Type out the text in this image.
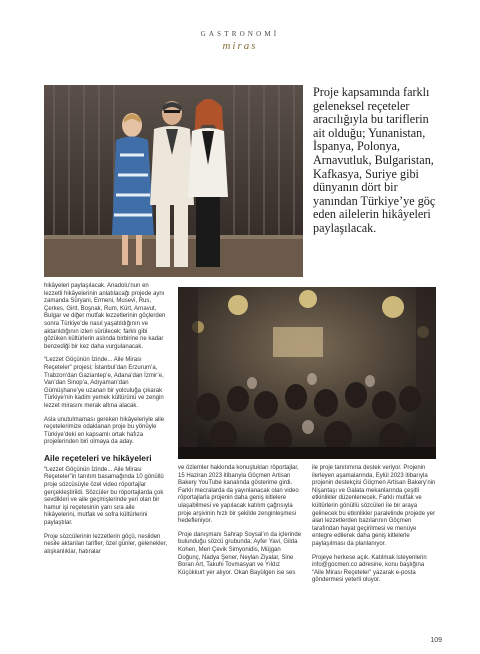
GASTRONOMİ
miras
Proje kapsamında farklı geleneksel reçeteler aracılığıyla bu tariflerin ait olduğu; Yunanistan, İspanya, Polonya, Arnavutluk, Bulgaristan, Kafkasya, Suriye gibi dünyanın dört bir yanından Türkiye’ye göç eden ailelerin hikâyeleri paylaşılacak.

hikâyeleri paylaşılacak. Anadolu’nun en lezzetli hikâyelerinin anlatılacağı projede aynı zamanda Süryani, Ermeni, Musevi, Rus, Çerkes, Girit, Boşnak, Rum, Kürt, Arnavut, Bulgar ve diğer mutfak lezzetlerinin göçlerden sonra Türkiye’de nasıl yaşatıldığının ve aktarıldığının izleri sürülecek; farklı gibi gözüken kültürlerin aslında birbirine ne kadar benzediği bir kez daha vurgulanacak.

“Lezzet Göçünün İzinde... Aile Mirası Reçeteler” projesi; İstanbul’dan Erzurum’a, Trabzon’dan Gaziantep’e, Adana’dan İzmir’e, Van’dan Sinop’a, Adıyaman’dan Gümüşhane’ye uzanan bir yolculuğa çıkarak Türkiye’nin kadim yemek kültürünü ve zengin lezzet mirasını merak altına alacak.

Asla unutulmaması gereken hikâyeleriyle aile reçetelerimize odaklanan proje bu yönüyle Türkiye’deki en kapsamlı ortak hafıza projelerinden biri olmaya da aday.

Aile reçeteleri ve hikâyeleri

“Lezzet Göçünün İzinde... Aile Mirası Reçeteler”in tanıtım basamağında 10 gönüllü proje sözcüsüyle özel video röportajlar gerçekleştirildi. Sözcüler bu röportajlarda çok sevdikleri ve aile geçmişlerinde yeri olan bir hamur işi reçetesinin yanı sıra aile hikâyelerini, mutfak ve sofra kültürlerini paylaştılar.

Proje sözcülerinin lezzetlerin göçü, nesilden nesile aktarılan tarifler, özel günler, gelenekler, alışkanlıklar, hatıralar

ve özlemler hakkında konuştukları röportajlar, 15 Haziran 2023 itibarıyla Göçmen Artisan Bakery YouTube kanalında gösterime girdi. Farklı mecralarda da yayınlanacak olan video röportajlarla projenin daha geniş kitlelere ulaşabilmesi ve yapılacak katılım çağrısıyla proje arşivinin hızlı bir şekilde zenginleşmesi hedefleniyor.

Proje danışmanı Sahrap Soysal’ın da içlerinde bulunduğu sözcü grubunda; Ayfer Yavi, Gilda Kohen, Meri Çevik Simyonidis, Müjgan Doğunç, Nadya Şener, Neylan Ziyalar, Sine Boran Art, Takuhi Tovmasyan ve Yıldız Küçükkurt yer alıyor. Okan Bayülgen ise ses

ile proje tanıtımına destek veriyor. Projenin ilerleyen aşamalarında, Eylül 2023 itibarıyla projenin destekçisi Göçmen Artisan Bakery’nin Nişantaşı ve Galata mekanlarında çeşitli etkinlikler düzenlenecek. Farklı mutfak ve kültürlerin gönüllü sözcüleri ile bir araya gelinecek bu etkinlikler paralelinde projede yer alan lezzetlerden bazılarının Göçmen tarafından hayat geçirilmesi ve menüye entegre edilerek daha geniş kitlelerle paylaşılması da planlanıyor.

Projeye herkese açık. Katılmak isteyenlerin info@gocmen.co adresine, konu başlığına “Aile Mirası Reçeteler” yazarak e-posta göndermesi yeterli oluyor.

109
